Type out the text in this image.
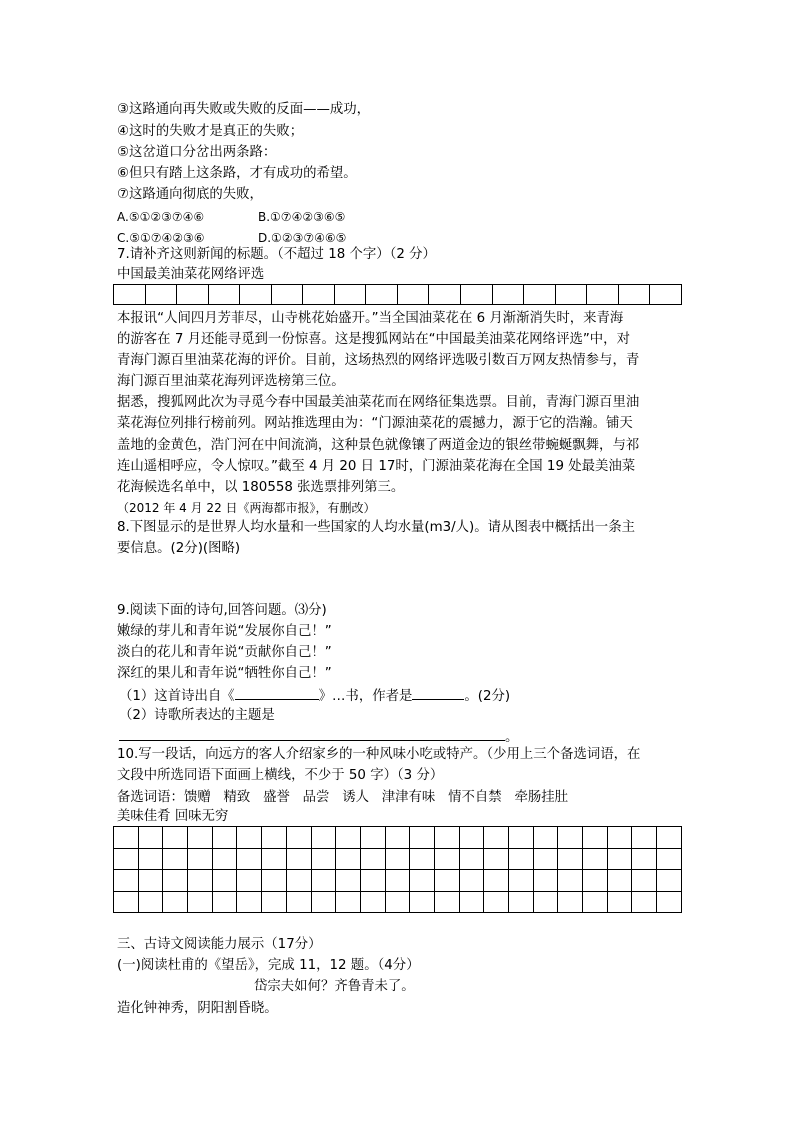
③这路通向再失败或失败的反面——成功，
④这时的失败才是真正的失败；
⑤这岔道口分岔出两条路：
⑥但只有踏上这条路，才有成功的希望。
⑦这路通向彻底的失败，
A.⑤①②③⑦④⑥	B.①⑦④②③⑥⑤
C.⑤①⑦④②③⑥	D.①②③⑦④⑥⑤
7.请补齐这则新闻的标题。（不超过 18 个字）（2 分）
中国最美油菜花网络评选

本报讯“人间四月芳菲尽，山寺桃花始盛开。”当全国油菜花在 6 月渐渐消失时，来青海
的游客在 7 月还能寻觅到一份惊喜。这是搜狐网站在“中国最美油菜花网络评选”中，对
青海门源百里油菜花海的评价。目前，这场热烈的网络评选吸引数百万网友热情参与，青
海门源百里油菜花海列评选榜第三位。
据悉，搜狐网此次为寻觅今春中国最美油菜花而在网络征集选票。目前，青海门源百里油
菜花海位列排行榜前列。网站推选理由为：“门源油菜花的震撼力，源于它的浩瀚。铺天
盖地的金黄色，浩门河在中间流淌，这种景色就像镶了两道金边的银丝带蜿蜒飘舞，与祁
连山遥相呼应，令人惊叹。”截至 4 月 20 日 17时，门源油菜花海在全国 19 处最美油菜
花海候选名单中，以 180558 张选票排列第三。
（2012 年 4 月 22 日《两海都市报》，有删改）
8.下图显示的是世界人均水量和一些国家的人均水量(m3/人)。请从图表中概括出一条主
要信息。(2分)(图略)
9.阅读下面的诗句,回答问题。⑶分)
嫩绿的芽儿和青年说“发展你自己！”
淡白的花儿和青年说“贡献你自己！”
深红的果儿和青年说“牺牲你自己！”
（1）这首诗出自《	》…书，作者是	。(2分)
（2）诗歌所表达的主题是
。
10.写一段话，向远方的客人介绍家乡的一种风味小吃或特产。（少用上三个备选词语，在
文段中所选同语下面画上横线，不少于 50 字）（3 分）
备选词语：馈赠 精致 盛誉 品尝 诱人 津津有味 情不自禁 牵肠挂肚
美味佳肴 回味无穷

三、古诗文阅读能力展示（17分）
(一)阅读杜甫的《望岳》，完成 11，12 题。（4分）
岱宗夫如何？齐鲁青未了。
造化钟神秀，阴阳割昏晓。
